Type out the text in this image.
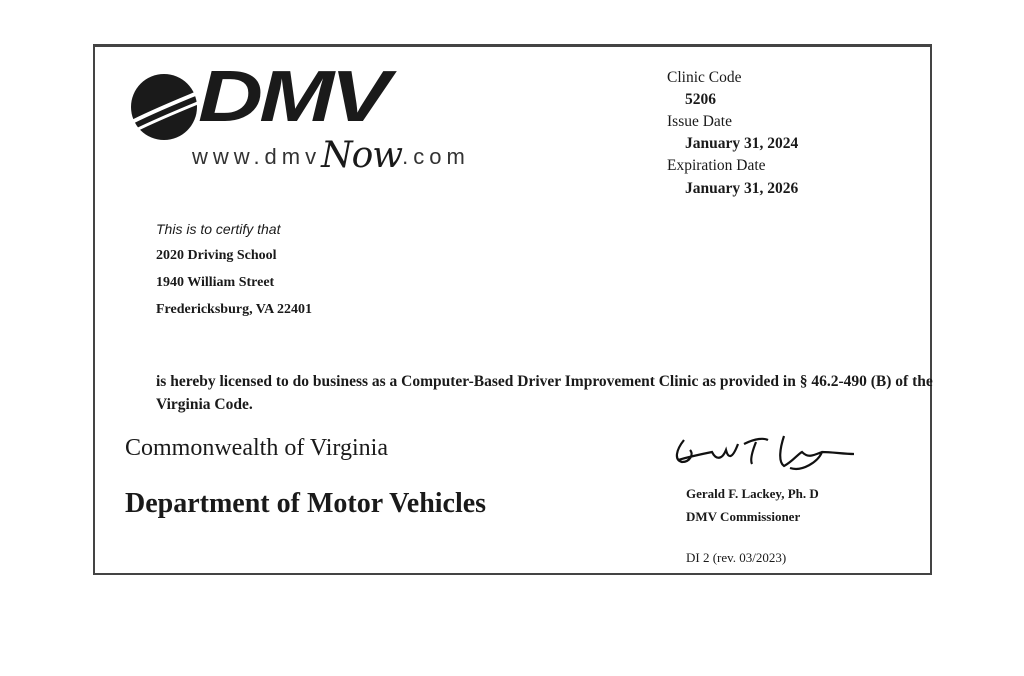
DMV
www.dmvNow.com
Clinic Code
5206
Issue Date
January 31, 2024
Expiration Date
January 31, 2026
This is to certify that
2020 Driving School
1940 William Street
Fredericksburg, VA 22401
is hereby licensed to do business as a Computer-Based Driver Improvement Clinic as provided in § 46.2-490 (B) of the Virginia Code.
Commonwealth of Virginia
Department of Motor Vehicles	Gerald F. Lackey, Ph. D
DMV Commissioner
DI 2 (rev. 03/2023)
